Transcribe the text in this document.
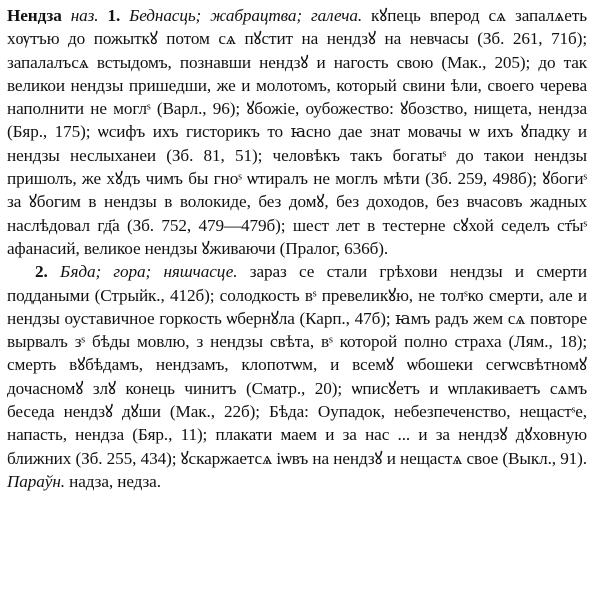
Нендза наз. 1. Беднасць; жабрацтва; галеча. кꙋпець вперод сѧ запалѧеть хѹтъю до пожыткꙋ потом сѧ пꙋстит на нендзꙋ на невчасы (Зб. 261, 71б); запалалъсѧ встыдомъ, познавши нендзꙋ и нагость свою (Мак., 205); до так великои нендзы пришедши, же и молотомъ, который свини ѣли, своего черева наполнити не моглˢ (Варл., 96); ꙋбожіе, оубожество: ꙋбозство, нищета, нендза (Бяр., 175); ѡсифъ ихъ гисторикъ то ꙗсно дае знат мовачы ѡ ихъ ꙋпадку и нендзы неслыханеи (Зб. 81, 51); человѣкъ такъ богатыˢ до такои нендзы пришолъ, же хꙋдъ чимъ бы гноˢ ѡтиралъ не моглъ мѣти (Зб. 259, 498б); ꙋбогиˢ за ꙋбогим в нендзы в волокиде, без домꙋ, без доходов, без вчасовъ жадных наслѣдовал гд҃а (Зб. 752, 479—479б); шест лет в тестерне сꙋхой седелъ ст҃ыˢ афанасий, великое нендзы ꙋживаючи (Пралог, 636б).

2. Бяда; гора; няшчасце. зараз се стали грѣхови нендзы и смерти поддаными (Стрыйк., 412б); солодкость вˢ превеликꙋю, не толˢко смерти, але и нендзы оуставичное горкость ѡбернꙋла (Карп., 47б); ꙗмъ радъ жем сѧ повторе вырвалъ зˢ бѣды мовлю, з нендзы свѣта, вˢ которой полно страха (Лям., 18); смерть вꙋбѣдамъ, нендзамъ, клопотѡм, и всемꙋ ѡбошеки сегѡсвѣтномꙋ дочасномꙋ злꙋ конець чинитъ (Сматр., 20); ѡписꙋетъ и ѡплакиваетъ сѧмъ беседа нендзꙋ дꙋши (Мак., 22б); Бѣда: Оупадок, небезпеченство, нещастˢе, напасть, нендза (Бяр., 11); плакати маем и за нас ... и за нендзꙋ дꙋховную ближних (Зб. 255, 434); ꙋскаржаетсѧ іѡвъ на нендзꙋ и нещастѧ свое (Выкл., 91). Параўн. надза, недза.
